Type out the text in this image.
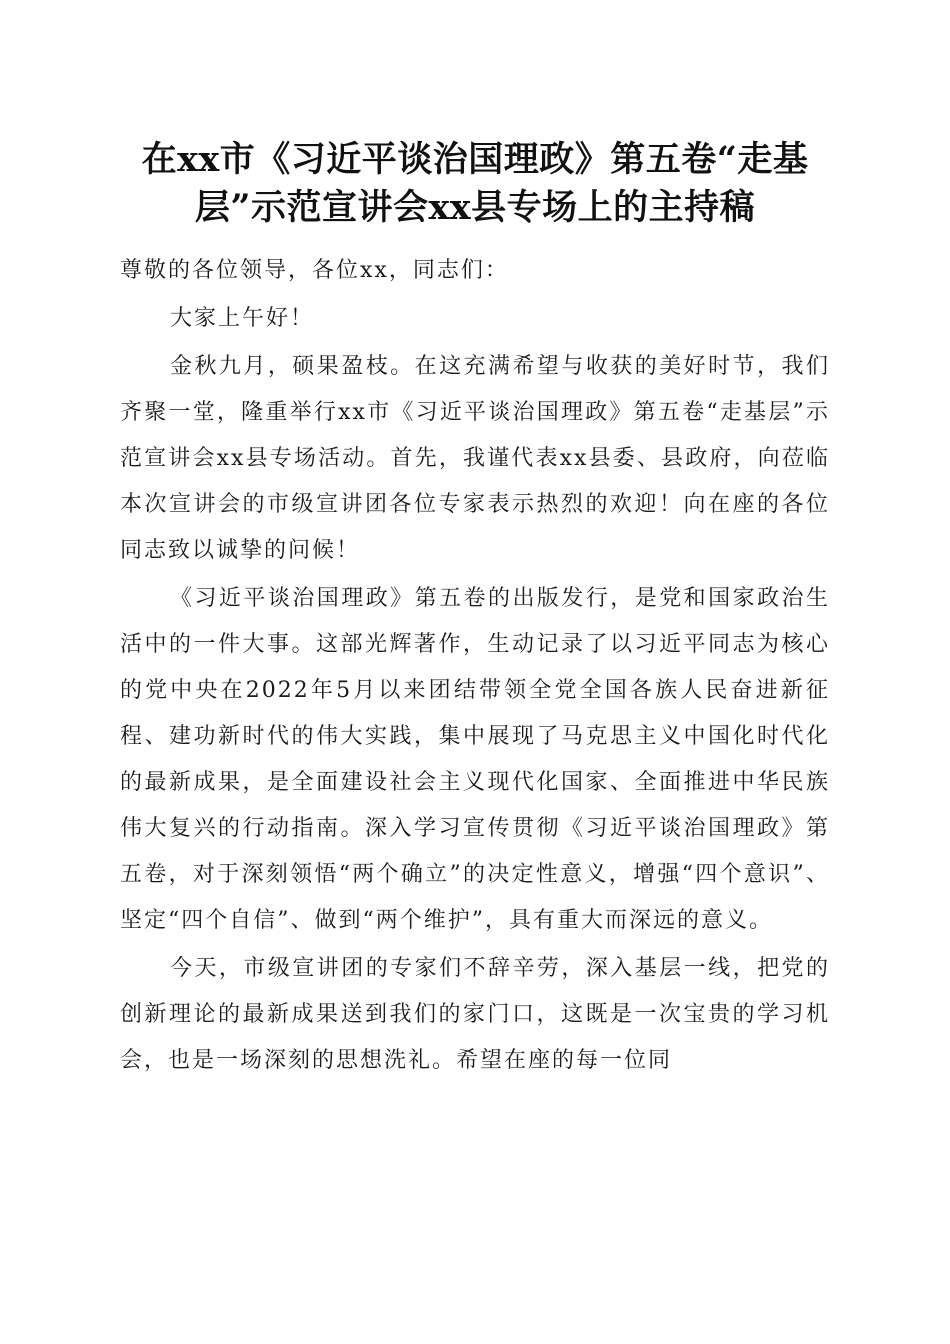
在xx市《习近平谈治国理政》第五卷“走基层”示范宣讲会xx县专场上的主持稿

尊敬的各位领导，各位xx，同志们：

大家上午好！

金秋九月，硕果盈枝。在这充满希望与收获的美好时节，我们齐聚一堂，隆重举行xx市《习近平谈治国理政》第五卷“走基层”示范宣讲会xx县专场活动。首先，我谨代表xx县委、县政府，向莅临本次宣讲会的市级宣讲团各位专家表示热烈的欢迎！向在座的各位同志致以诚挚的问候！

《习近平谈治国理政》第五卷的出版发行，是党和国家政治生活中的一件大事。这部光辉著作，生动记录了以习近平同志为核心的党中央在2022年5月以来团结带领全党全国各族人民奋进新征程、建功新时代的伟大实践，集中展现了马克思主义中国化时代化的最新成果，是全面建设社会主义现代化国家、全面推进中华民族伟大复兴的行动指南。深入学习宣传贯彻《习近平谈治国理政》第五卷，对于深刻领悟“两个确立”的决定性意义，增强“四个意识”、坚定“四个自信”、做到“两个维护”，具有重大而深远的意义。

今天，市级宣讲团的专家们不辞辛劳，深入基层一线，把党的创新理论的最新成果送到我们的家门口，这既是一次宝贵的学习机会，也是一场深刻的思想洗礼。希望在座的每一位同
